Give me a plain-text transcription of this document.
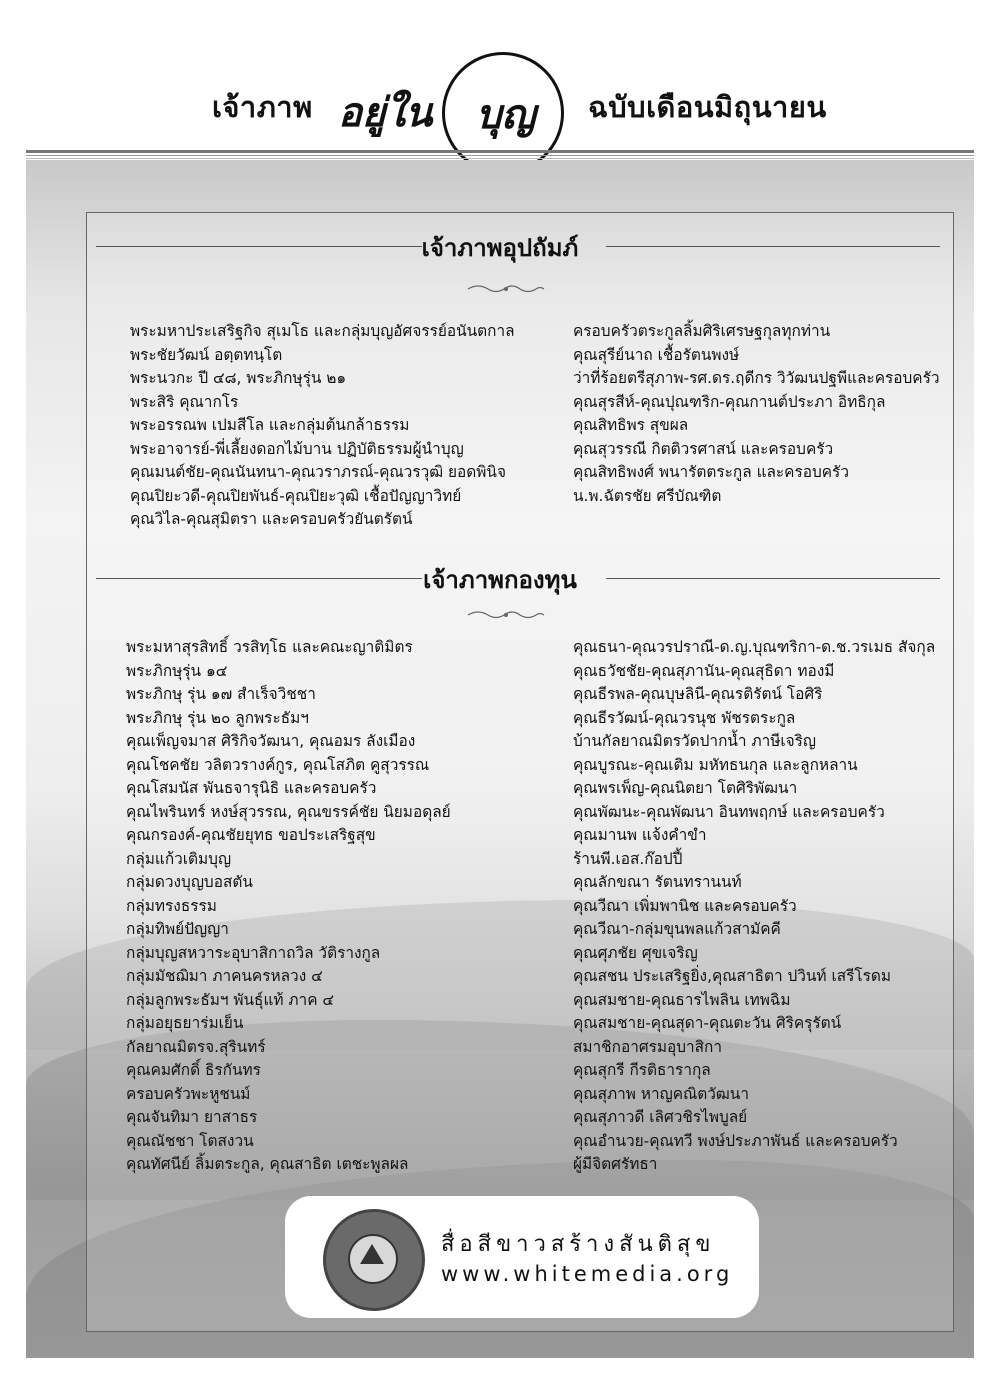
เจ้าภาพ อยู่ใน บุญ ฉบับเดือนมิถุนายน
เจ้าภาพอุปถัมภ์
พระมหาประเสริฐกิจ สุเมโธ และกลุ่มบุญอัศจรรย์อนันตกาล
พระชัยวัฒน์ อตฺตทนฺโต
พระนวกะ ปี ๔๘, พระภิกษุรุ่น ๒๑
พระสิริ คุณากโร
พระอรรณพ เปมสีโล และกลุ่มต้นกล้าธรรม
พระอาจารย์-พี่เลี้ยงดอกไม้บาน ปฏิบัติธรรมผู้นำบุญ
คุณมนต์ชัย-คุณนันทนา-คุณวราภรณ์-คุณวรวุฒิ ยอดพินิจ
คุณปิยะวดี-คุณปิยพันธ์-คุณปิยะวุฒิ เชื้อปัญญาวิทย์
คุณวิไล-คุณสุมิตรา และครอบครัวยันตรัตน์
ครอบครัวตระกูลลิ้มศิริเศรษฐกุลทุกท่าน
คุณสุรีย์นาถ เชื้อรัตนพงษ์
ว่าที่ร้อยตรีสุภาพ-รศ.ดร.ฤดีกร วิวัฒนปฐพีและครอบครัว
คุณสุรสีห์-คุณปุณฑริก-คุณกานต์ประภา อิทธิกุล
คุณสิทธิพร สุขผล
คุณสุวรรณี กิตติวรศาสน์ และครอบครัว
คุณสิทธิพงศ์ พนารัตตระกูล และครอบครัว
น.พ.ฉัตรชัย ศรีบัณฑิต
เจ้าภาพกองทุน
พระมหาสุรสิทธิ์ วรสิทฺโธ และคณะญาติมิตร
พระภิกษุรุ่น ๑๔
พระภิกษุ รุ่น ๑๗ สำเร็จวิชชา
พระภิกษุ รุ่น ๒๐ ลูกพระธัมฯ
คุณเพ็ญจมาส ศิริกิจวัฒนา, คุณอมร ลังเมือง
คุณโชคชัย วลิตวรางค์กูร, คุณโสภิต คูสุวรรณ
คุณโสมนัส พันธจารุนิธิ และครอบครัว
คุณไพรินทร์ หงษ์สุวรรณ, คุณขรรค์ชัย นิยมอดุลย์
คุณกรองค์-คุณชัยยุทธ ขอประเสริฐสุข
กลุ่มแก้วเติมบุญ
กลุ่มดวงบุญบอสตัน
กลุ่มทรงธรรม
กลุ่มทิพย์ปัญญา
กลุ่มบุญสหวาระอุบาสิกาถวิล วัติรางกูล
กลุ่มมัชฌิมา ภาคนครหลวง ๔
กลุ่มลูกพระธัมฯ พันธุ์แท้ ภาค ๔
กลุ่มอยุธยาร่มเย็น
กัลยาณมิตรจ.สุรินทร์
คุณคมศักดิ์ ธิรกันทร
ครอบครัวพะหูชนม์
คุณจันทิมา ยาสาธร
คุณณัชชา โตสงวน
คุณทัศนีย์ ลิ้มตระกูล, คุณสาธิต เตชะพูลผล
คุณธนา-คุณวรปราณี-ด.ญ.บุณฑริกา-ด.ช.วรเมธ สัจกุล
คุณธวัชชัย-คุณสุภานัน-คุณสุธิดา ทองมี
คุณธีรพล-คุณบุษลินี-คุณรติรัตน์ โอศิริ
คุณธีรวัฒน์-คุณวรนุช พัชรตระกูล
บ้านกัลยาณมิตรวัดปากน้ำ ภาษีเจริญ
คุณบูรณะ-คุณเติม มหัทธนกุล และลูกหลาน
คุณพรเพ็ญ-คุณนิตยา โตศิริพัฒนา
คุณพัฒนะ-คุณพัฒนา อินทพฤกษ์ และครอบครัว
คุณมานพ แจ้งคำขำ
ร้านพี.เอส.ก๊อปปี้
คุณลักขณา รัตนทรานนท์
คุณวีณา เพิ่มพานิช และครอบครัว
คุณวีณา-กลุ่มขุนพลแก้วสามัคคี
คุณศุภชัย ศุขเจริญ
คุณสชน ประเสริฐยิ่ง,คุณสาธิตา ปวินท์ เสรีโรดม
คุณสมชาย-คุณธารไพลิน เทพฉิม
คุณสมชาย-คุณสุดา-คุณตะวัน ศิริครุรัตน์
สมาชิกอาศรมอุบาสิกา
คุณสุกรี กีรติธารากุล
คุณสุภาพ หาญคณิตวัฒนา
คุณสุภาวดี เลิศวชิรไพบูลย์
คุณอำนวย-คุณทวี พงษ์ประภาพันธ์ และครอบครัว
ผู้มีจิตศรัทธา
สื่อสีขาวสร้างสันติสุข
www.whitemedia.org
